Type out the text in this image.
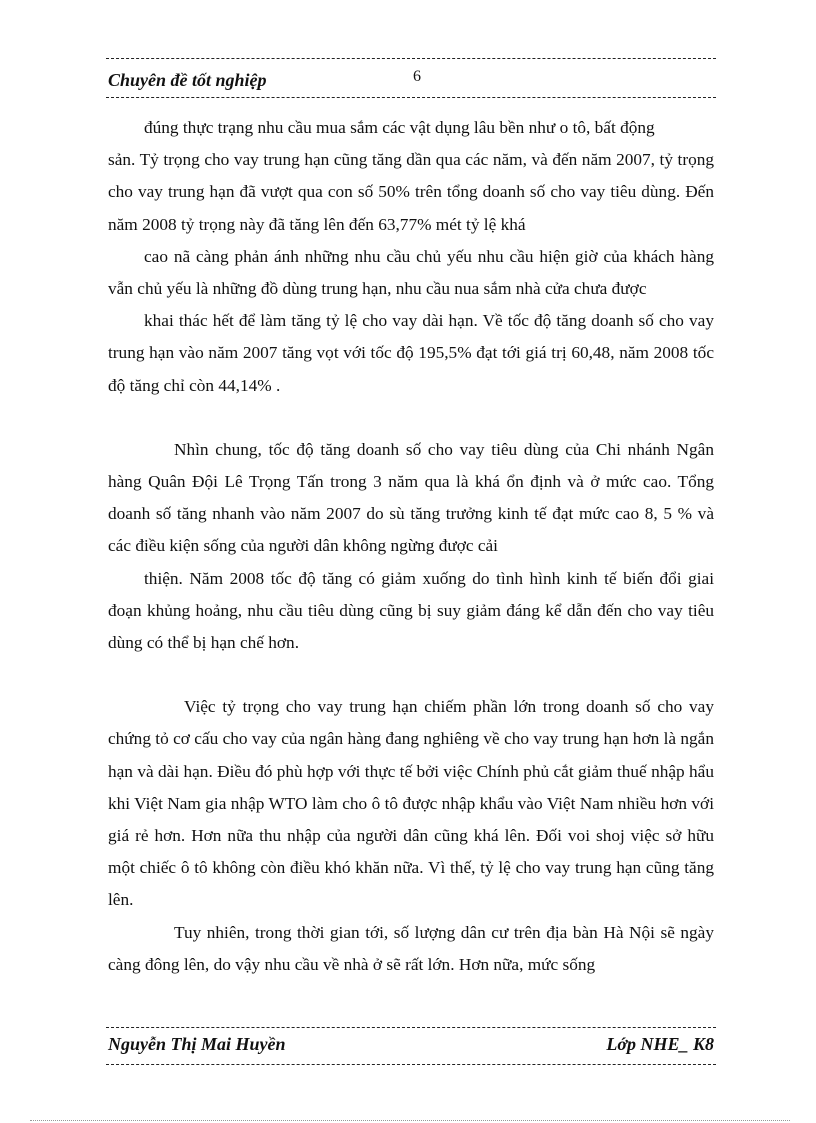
Chuyên đề tốt nghiệp	6

đúng thực trạng nhu cầu mua sắm các vật dụng lâu bền như o tô, bất động

sản. Tỷ trọng cho vay trung hạn cũng tăng dần qua các năm, và đến năm 2007, tỷ trọng cho vay trung hạn đã vượt qua con số 50% trên tổng doanh số cho vay tiêu dùng. Đến năm 2008 tỷ trọng này đã tăng lên đến 63,77% mét tỷ lệ khá

cao nã càng phản ánh những nhu cầu chủ yếu nhu cầu hiện giờ của khách hàng vẫn chủ yếu là những đồ dùng trung hạn, nhu cầu nua sắm nhà cửa chưa được

khai thác hết để làm tăng tỷ lệ cho vay dài hạn. Về tốc độ tăng doanh số cho vay trung hạn vào năm 2007 tăng vọt với tốc độ 195,5% đạt tới giá trị 60,48, năm 2008 tốc độ tăng chỉ còn 44,14% .

Nhìn chung, tốc độ tăng doanh số cho vay tiêu dùng của Chi nhánh Ngân hàng Quân Đội Lê Trọng Tấn trong 3 năm qua là khá ổn định và ở mức cao. Tổng doanh số tăng nhanh vào năm 2007 do sù tăng trưởng kinh tế đạt mức cao 8, 5 % và các điều kiện sống của người dân không ngừng được cải

thiện. Năm 2008 tốc độ tăng có giảm xuống do tình hình kinh tế biến đổi giai đoạn khủng hoảng, nhu cầu tiêu dùng cũng bị suy giảm đáng kể dẫn đến cho vay tiêu dùng có thể bị hạn chế hơn.

Việc tỷ trọng cho vay trung hạn chiếm phần lớn trong doanh số cho vay chứng tỏ cơ cấu cho vay của ngân hàng đang nghiêng về cho vay trung hạn hơn là ngắn hạn và dài hạn. Điều đó phù hợp với thực tế bởi việc Chính phủ cắt giảm thuế nhập hẩu khi Việt Nam gia nhập WTO làm cho ô tô được nhập khẩu vào Việt Nam nhiều hơn với giá rẻ hơn. Hơn nữa thu nhập của người dân cũng khá lên. Đối voi shoj việc sở hữu một chiếc ô tô không còn điều khó khăn nữa. Vì thế, tỷ lệ cho vay trung hạn cũng tăng lên.

Tuy nhiên, trong thời gian tới, số lượng dân cư trên địa bàn Hà Nội sẽ ngày càng đông lên, do vậy nhu cầu về nhà ở sẽ rất lớn. Hơn nữa, mức sống

Nguyễn Thị Mai Huyền	Lớp NHE_ K8
